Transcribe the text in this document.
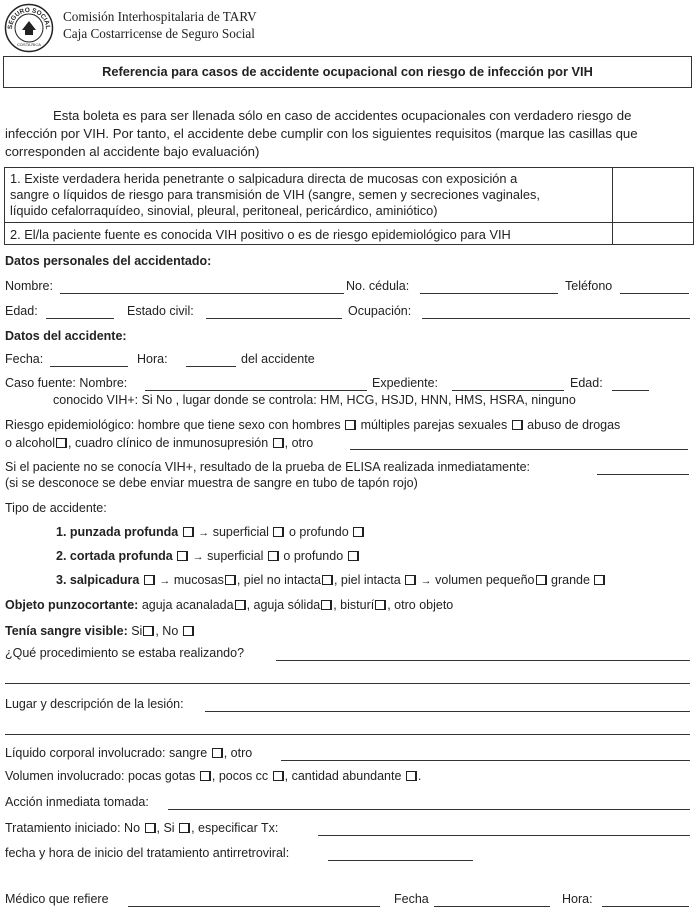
SEGURO SOCIAL
COSTA RICA
Comisión Interhospitalaria de TARV
Caja Costarricense de Seguro Social
Referencia para casos de accidente ocupacional con riesgo de infección por VIH
Esta boleta es para ser llenada sólo en caso de accidentes ocupacionales con verdadero riesgo de
infección por VIH. Por tanto, el accidente debe cumplir con los siguientes requisitos (marque las casillas que
corresponden al accidente bajo evaluación)
1. Existe verdadera herida penetrante o salpicadura directa de mucosas con exposición a
sangre o líquidos de riesgo para transmisión de VIH (sangre, semen y secreciones vaginales,
líquido cefalorraquídeo, sinovial, pleural, peritoneal, pericárdico, aminiótico)
2. El/la paciente fuente es conocida VIH positivo o es de riesgo epidemiológico para VIH
Datos personales del accidentado:
Nombre:	No. cédula:	Teléfono
Edad:	Estado civil:	Ocupación:
Datos del accidente:
Fecha:	Hora:	del accidente
Caso fuente: Nombre:	Expediente:	Edad:
conocido VIH+: Si No , lugar donde se controla: HM, HCG, HSJD, HNN, HMS, HSRA, ninguno
Riesgo epidemiológico: hombre que tiene sexo con hombres múltiples parejas sexuales abuso de drogas
o alcohol , cuadro clínico de inmunosupresión , otro
Si el paciente no se conocía VIH+, resultado de la prueba de ELISA realizada inmediatamente:
(si se desconoce se debe enviar muestra de sangre en tubo de tapón rojo)
Tipo de accidente:
1. punzada profunda → superficial o profundo
2. cortada profunda → superficial o profundo
3. salpicadura → mucosas , piel no intacta , piel intacta → volumen pequeño grande
Objeto punzocortante: aguja acanalada , aguja sólida , bisturí , otro objeto
Tenía sangre visible: Si , No
¿Qué procedimiento se estaba realizando?
Lugar y descripción de la lesión:
Líquido corporal involucrado: sangre , otro
Volumen involucrado: pocas gotas , pocos cc , cantidad abundante .
Acción inmediata tomada:
Tratamiento iniciado: No , Si , especificar Tx:
fecha y hora de inicio del tratamiento antirretroviral:
Médico que refiere	Fecha	Hora:
